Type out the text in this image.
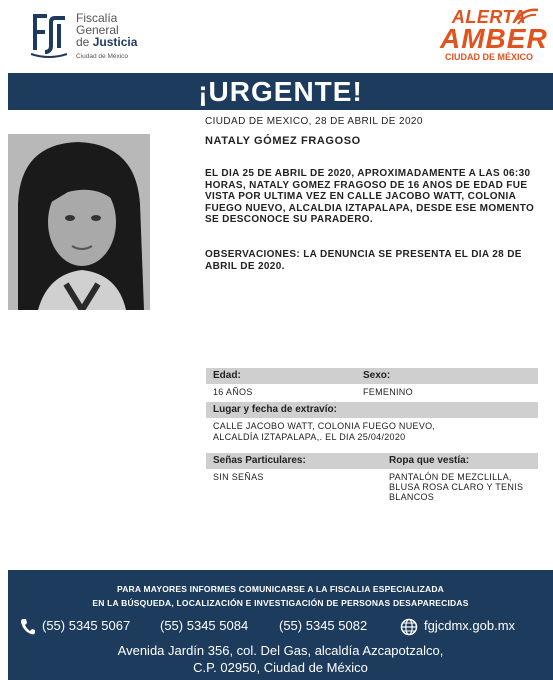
Fiscalía
General
de Justicia
Ciudad de México
ALERTA
AMBER
CIUDAD DE MÉXICO
¡URGENTE!
CIUDAD DE MEXICO, 28 DE ABRIL DE 2020
NATALY GÓMEZ FRAGOSO
EL DIA 25 DE ABRIL DE 2020, APROXIMADAMENTE A LAS 06:30 HORAS, NATALY GOMEZ FRAGOSO DE 16 ANOS DE EDAD FUE VISTA POR ULTIMA VEZ EN CALLE JACOBO WATT, COLONIA FUEGO NUEVO, ALCALDIA IZTAPALAPA, DESDE ESE MOMENTO SE DESCONOCE SU PARADERO.
OBSERVACIONES: LA DENUNCIA SE PRESENTA EL DIA 28 DE ABRIL DE 2020.
Edad:	Sexo:
16 AÑOS	FEMENINO
Lugar y fecha de extravío:
CALLE JACOBO WATT, COLONIA FUEGO NUEVO,
ALCALDÍA IZTAPALAPA,. EL DIA 25/04/2020
Señas Particulares:	Ropa que vestía:
SIN SEÑAS	PANTALÓN DE MEZCLILLA,
BLUSA ROSA CLARO Y TENIS
BLANCOS
PARA MAYORES INFORMES COMUNICARSE A LA FISCALIA ESPECIALIZADA
EN LA BÚSQUEDA, LOCALIZACIÓN E INVESTIGACIÓN DE PERSONAS DESAPARECIDAS
(55) 5345 5067 (55) 5345 5084 (55) 5345 5082	fgjcdmx.gob.mx
Avenida Jardín 356, col. Del Gas, alcaldía Azcapotzalco,
C.P. 02950, Ciudad de México
